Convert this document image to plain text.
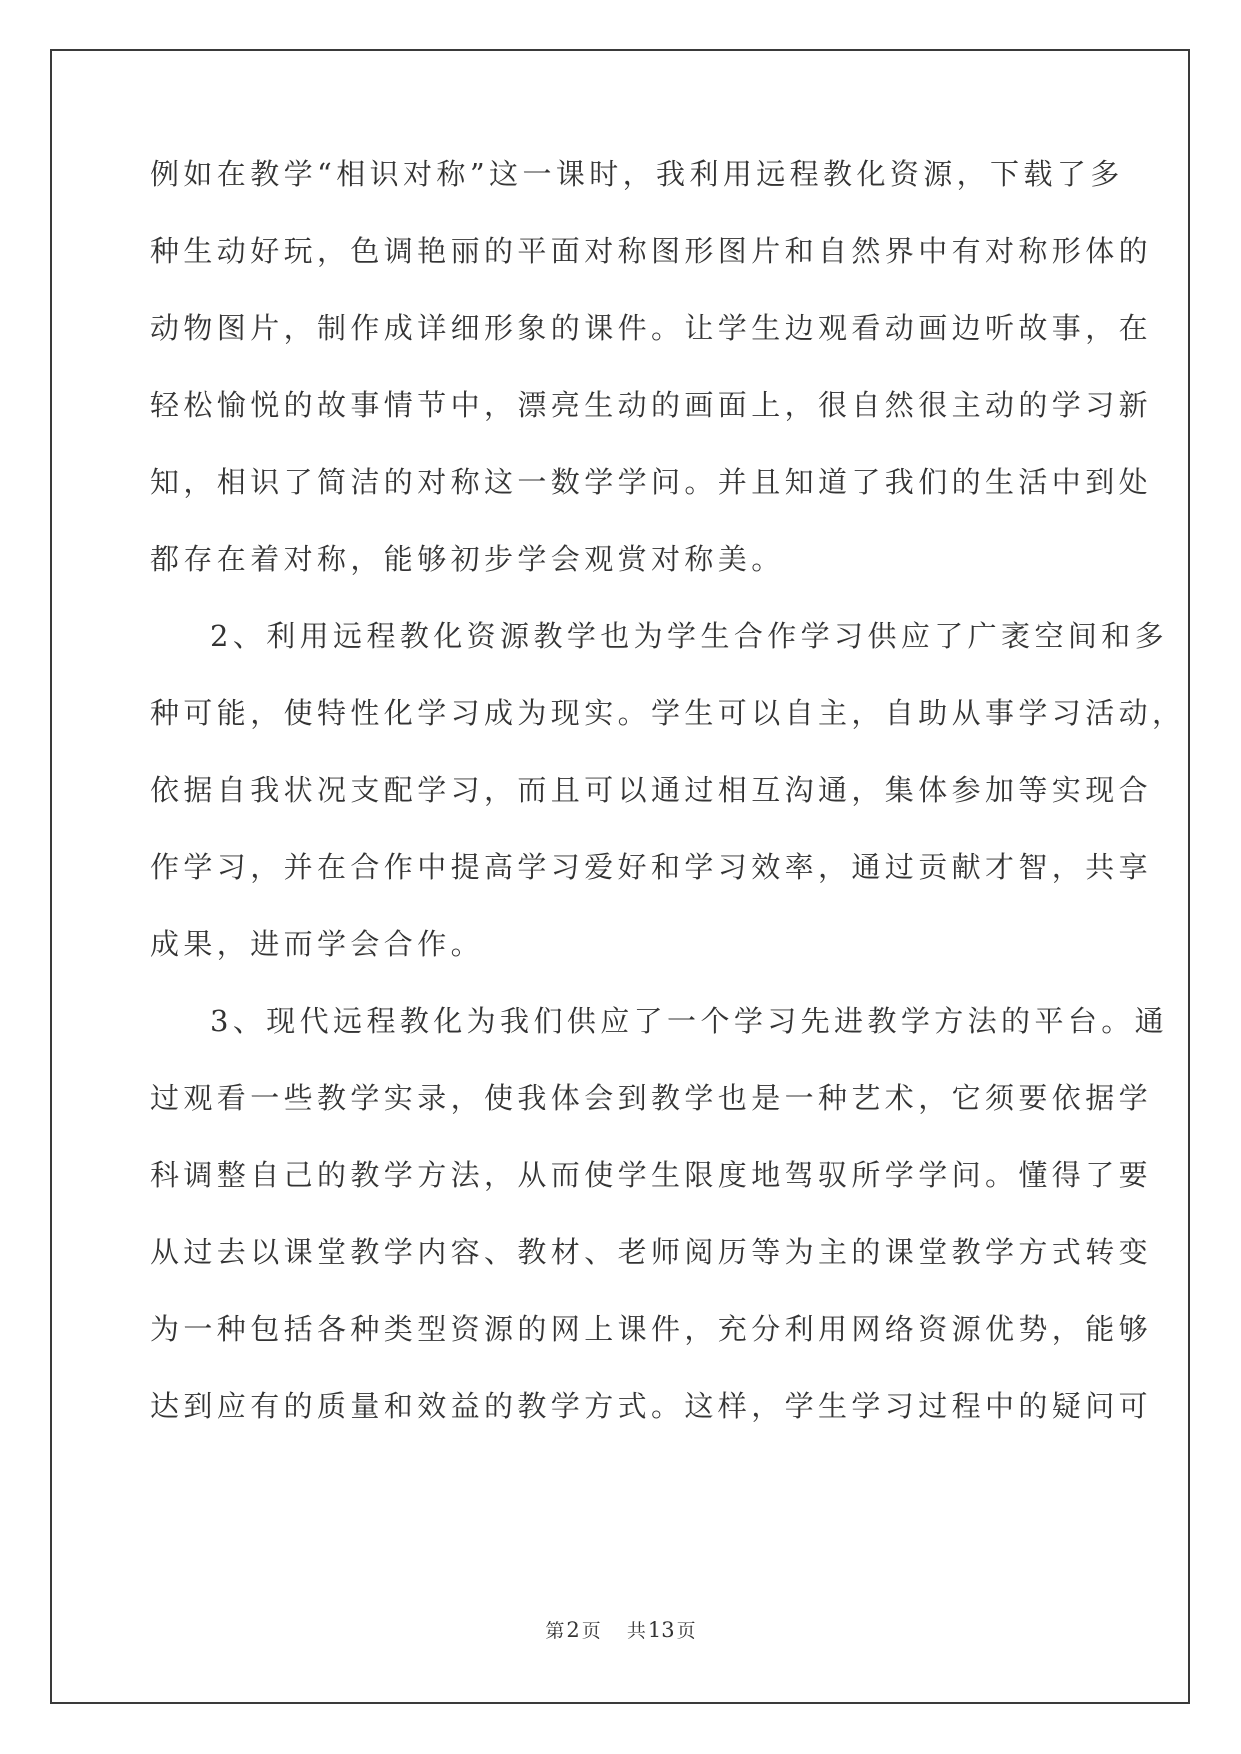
例如在教学“相识对称”这一课时，我利用远程教化资源，下载了多
种生动好玩，色调艳丽的平面对称图形图片和自然界中有对称形体的
动物图片，制作成详细形象的课件。让学生边观看动画边听故事，在
轻松愉悦的故事情节中，漂亮生动的画面上，很自然很主动的学习新
知，相识了简洁的对称这一数学学问。并且知道了我们的生活中到处
都存在着对称，能够初步学会观赏对称美。
2、利用远程教化资源教学也为学生合作学习供应了广袤空间和多
种可能，使特性化学习成为现实。学生可以自主，自助从事学习活动，
依据自我状况支配学习，而且可以通过相互沟通，集体参加等实现合
作学习，并在合作中提高学习爱好和学习效率，通过贡献才智，共享
成果，进而学会合作。
3、现代远程教化为我们供应了一个学习先进教学方法的平台。通
过观看一些教学实录，使我体会到教学也是一种艺术，它须要依据学
科调整自己的教学方法，从而使学生限度地驾驭所学学问。懂得了要
从过去以课堂教学内容、教材、老师阅历等为主的课堂教学方式转变
为一种包括各种类型资源的网上课件，充分利用网络资源优势，能够
达到应有的质量和效益的教学方式。这样，学生学习过程中的疑问可
第2 页 共13 页
